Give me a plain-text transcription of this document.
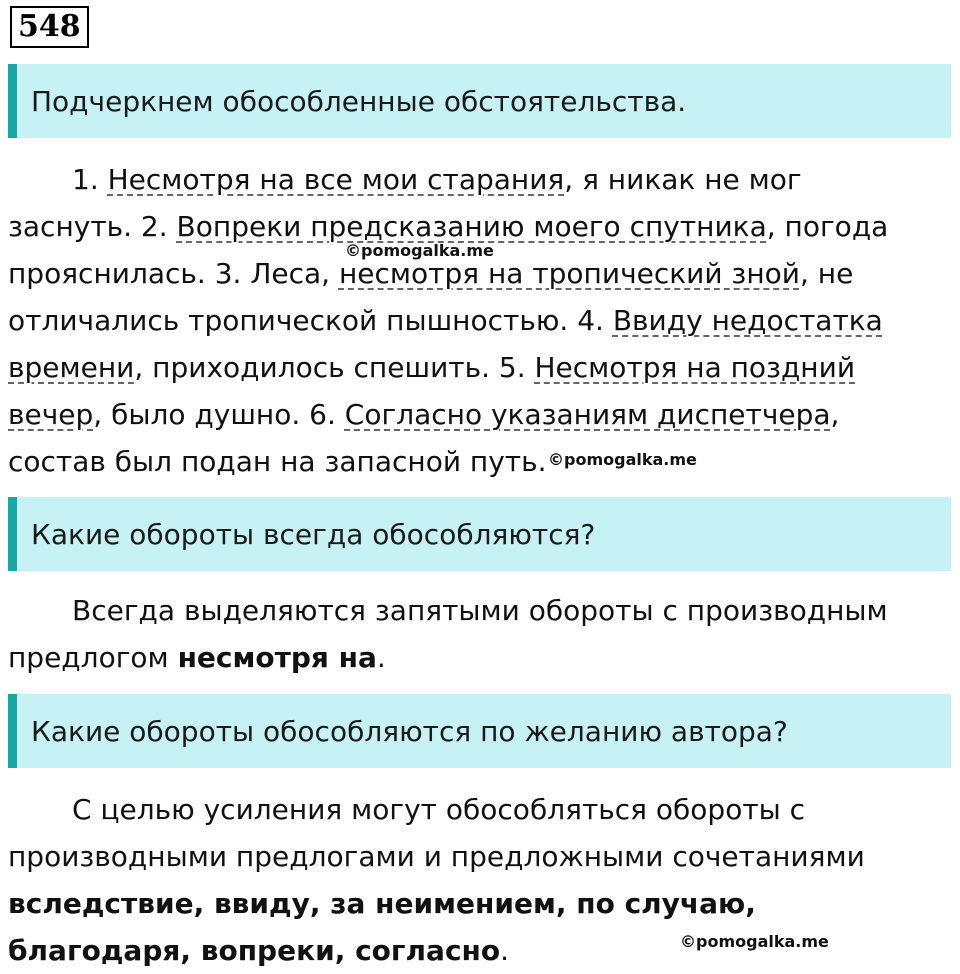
548
Подчеркнем обособленные обстоятельства.

1. Несмотря на все мои старания, я никак не мог заснуть. 2. Вопреки предсказанию моего спутника, погода прояснилась. 3. Леса, несмотря на тропический зной, не отличались тропической пышностью. 4. Ввиду недостатка времени, приходилось спешить. 5. Несмотря на поздний вечер, было душно. 6. Согласно указаниям диспетчера, состав был подан на запасной путь.

©pomogalka.me
©pomogalka.me
Какие обороты всегда обособляются?

Всегда выделяются запятыми обороты с производным предлогом несмотря на.

Какие обороты обособляются по желанию автора?

С целью усиления могут обособляться обороты с производными предлогами и предложными сочетаниями вследствие, ввиду, за неимением, по случаю, благодаря, вопреки, согласно.	©pomogalka.me
